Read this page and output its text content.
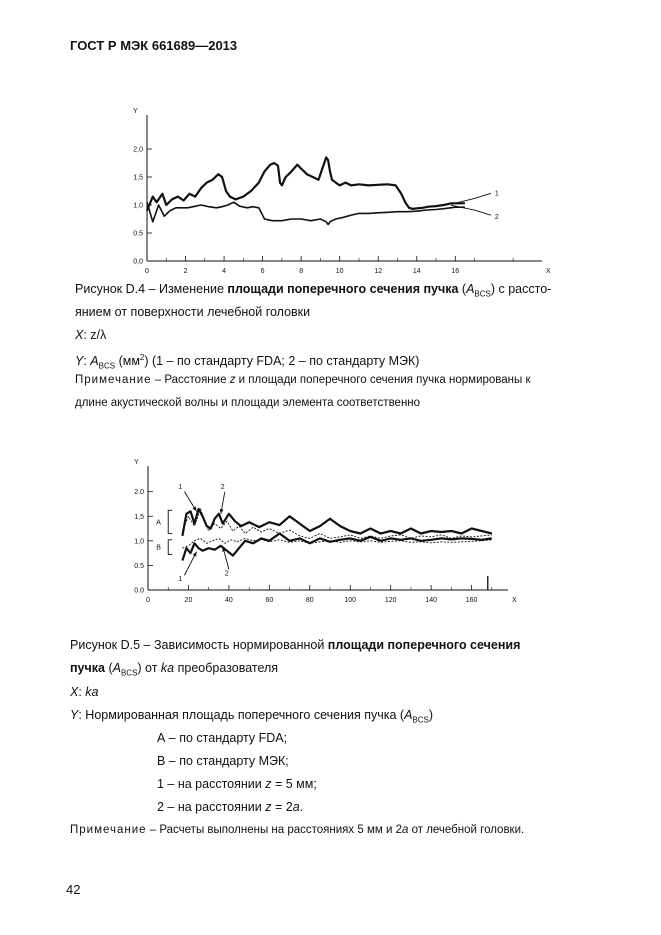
ГОСТ Р МЭК 661689—2013
Y
X
0	2	4	6	8	10	12	14	16
0,0
0.5
1,0
1,5
2,0
1
2
Рисунок D.4 – Изменение площади поперечного сечения пучка $(A_{BCS})$ с рассто-
янием от поверхности лечебной головки
X: z/λ
Y: $A_{BCS}$ $(мм^2)$ (1 – по стандарту FDA; 2 – по стандарту МЭК)
Примечание – Расстояние z и площади поперечного сечения пучка нормированы к
длине акустической волны и площади элемента соответственно
Y
X
0	20	40	60	80	100	120	140	160
0.0
0.5
1,0
1,5
2.0
A
B
1	2
1
2
Рисунок D.5 – Зависимость нормированной площади поперечного сечения
пучка $(A_{BCS})$ от ka преобразователя
X: ka
Y: Нормированная площадь поперечного сечения пучка $(A_{BCS})$
А – по стандарту FDA;
В – по стандарту МЭК;
1 – на расстоянии z = 5 мм;
2 – на расстоянии z = 2a.
Примечание – Расчеты выполнены на расстояниях 5 мм и 2a от лечебной головки.
42
